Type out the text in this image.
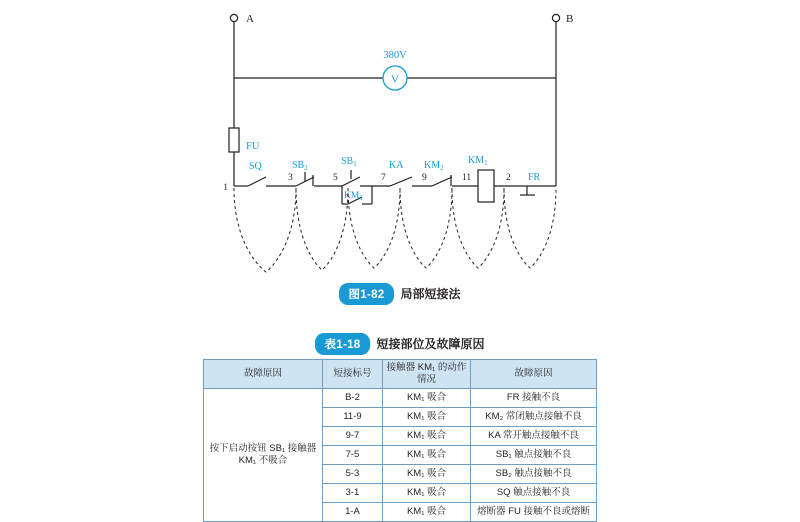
V
380V
FU
SQ	$SB_2$
$SB_1$
$KM_1$
KA $KM_2$
$KM_1$
FR
1
3	5	7	9	11	2
A	B
图1-82	局部短接法
表1-18	短接部位及故障原因
故障原因	短接标号	接触器 KM₁ 的动作情况	故障原因
按下启动按钮 SB₁ 接触器 KM₁ 不吸合	B-2	KM₁ 吸合	FR 接触不良
	11-9	KM₁ 吸合	KM₂ 常闭触点接触不良
	9-7	KM₁ 吸合	KA 常开触点接触不良
	7-5	KM₁ 吸合	SB₁ 触点接触不良
	5-3	KM₁ 吸合	SB₂ 触点接触不良
	3-1	KM₁ 吸合	SQ 触点接触不良
	1-A	KM₁ 吸合	熔断器 FU 接触不良或熔断
